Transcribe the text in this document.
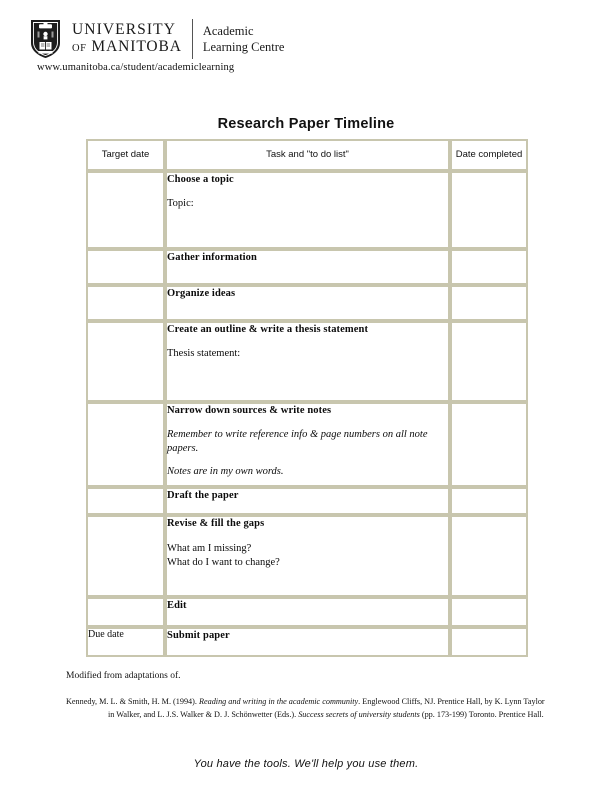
UNIVERSITY
OF MANITOBA
Academic
Learning Centre
www.umanitoba.ca/student/academiclearning
Research Paper Timeline
Target date	Task and "to do list"	Date completed

	Choose a topic
Topic:	

	Gather information	

	Organize ideas	

	Create an outline & write a thesis statement
Thesis statement:	

	Narrow down sources & write notes
Remember to write reference info & page numbers on all note papers.
Notes are in my own words.	

	Draft the paper	

	Revise & fill the gaps
What am I missing?
What do I want to change?	

	Edit	

Due date	Submit paper	

Modified from adaptations of.
Kennedy, M. L. & Smith, H. M. (1994). Reading and writing in the academic community. Englewood Cliffs, NJ. Prentice Hall, by K. Lynn Taylor in Walker, and L. J.S. Walker & D. J. Schönwetter (Eds.). Success secrets of university students (pp. 173-199) Toronto. Prentice Hall.
You have the tools. We'll help you use them.
